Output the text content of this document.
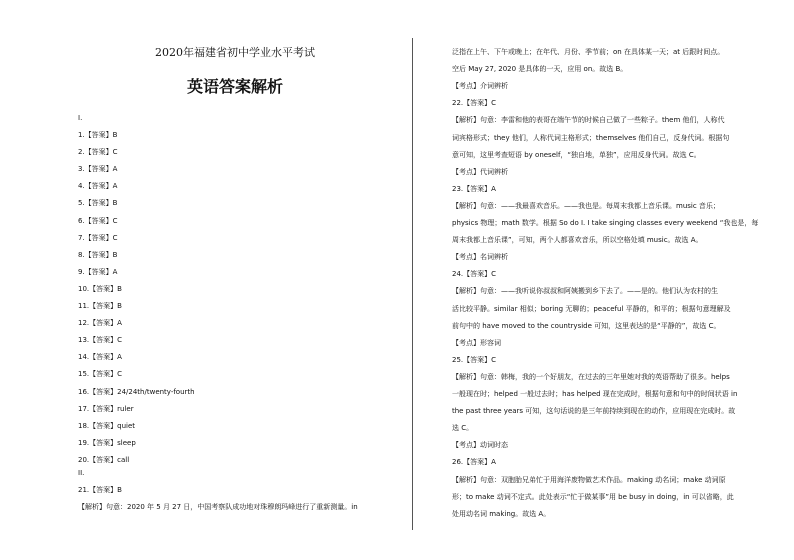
2020年福建省初中学业水平考试
英语答案解析
I.
1.【答案】B
2.【答案】C
3.【答案】A
4.【答案】A
5.【答案】B
6.【答案】C
7.【答案】C
8.【答案】B
9.【答案】A
10.【答案】B
11.【答案】B
12.【答案】A
13.【答案】C
14.【答案】A
15.【答案】C
16.【答案】24/24th/twenty-fourth
17.【答案】ruler
18.【答案】quiet
19.【答案】sleep
20.【答案】call
II.
21.【答案】B
【解析】句意：2020 年 5 月 27 日，中国考察队成功地对珠穆朗玛峰进行了重新测量。in
泛指在上午、下午或晚上；在年代、月份、季节前；on 在具体某一天；at 后跟时间点。
空后 May 27, 2020 是具体的一天，应用 on。故选 B。
【考点】介词辨析
22.【答案】C
【解析】句意：李雷和他的表哥在端午节的时候自己做了一些粽子。them 他们，人称代
词宾格形式；they 他们，人称代词主格形式；themselves 他们自己，反身代词。根据句
意可知，这里考查短语 by oneself，“独自地，单独”，应用反身代词。故选 C。
【考点】代词辨析
23.【答案】A
【解析】句意：——我最喜欢音乐。——我也是。每周末我都上音乐课。music 音乐；
physics 物理；math 数学。根据 So do I. I take singing classes every weekend “我也是，每
周末我都上音乐课”，可知，两个人都喜欢音乐，所以空格处填 music。故选 A。
【考点】名词辨析
24.【答案】C
【解析】句意：——我听说你叔叔和阿姨搬到乡下去了。——是的。他们认为农村的生
活比较平静。similar 相似；boring 无聊的；peaceful 平静的，和平的；根据句意理解及
前句中的 have moved to the countryside 可知，这里表达的是“平静的”，故选 C。
【考点】形容词
25.【答案】C
【解析】句意：韩梅，我的一个好朋友，在过去的三年里她对我的英语帮助了很多。helps
一般现在时；helped 一般过去时；has helped 现在完成时，根据句意和句中的时间状语 in
the past three years 可知，这句话说的是三年前持续到现在的动作，应用现在完成时。故
选 C。
【考点】动词时态
26.【答案】A
【解析】句意：双胞胎兄弟忙于用海洋废物做艺术作品。making 动名词；make 动词原
形；to make 动词不定式。此处表示“忙于做某事”用 be busy in doing，in 可以省略，此
处用动名词 making。故选 A。
